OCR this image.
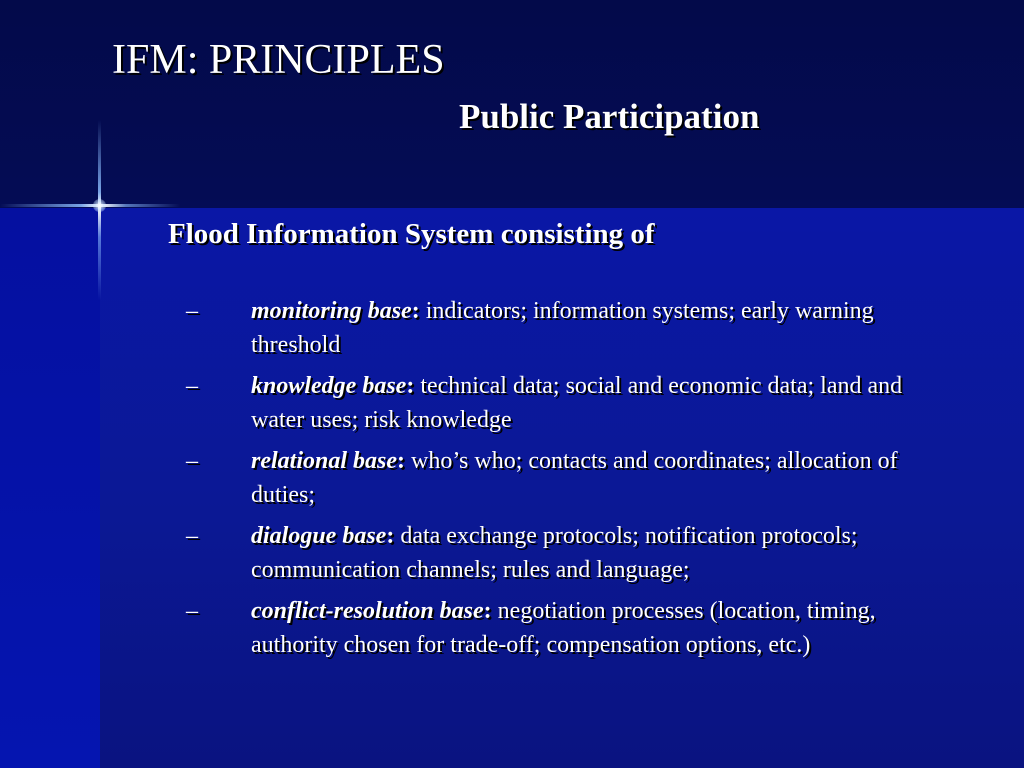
IFM: PRINCIPLES
Public Participation
Flood Information System consisting of
– monitoring base: indicators; information systems; early warning threshold

– knowledge base: technical data; social and economic data; land and water uses; risk knowledge

– relational base: who’s who; contacts and coordinates; allocation of duties;

– dialogue base: data exchange protocols; notification protocols; communication channels; rules and language;

– conflict-resolution base: negotiation processes (location, timing, authority chosen for trade-off; compensation options, etc.)
